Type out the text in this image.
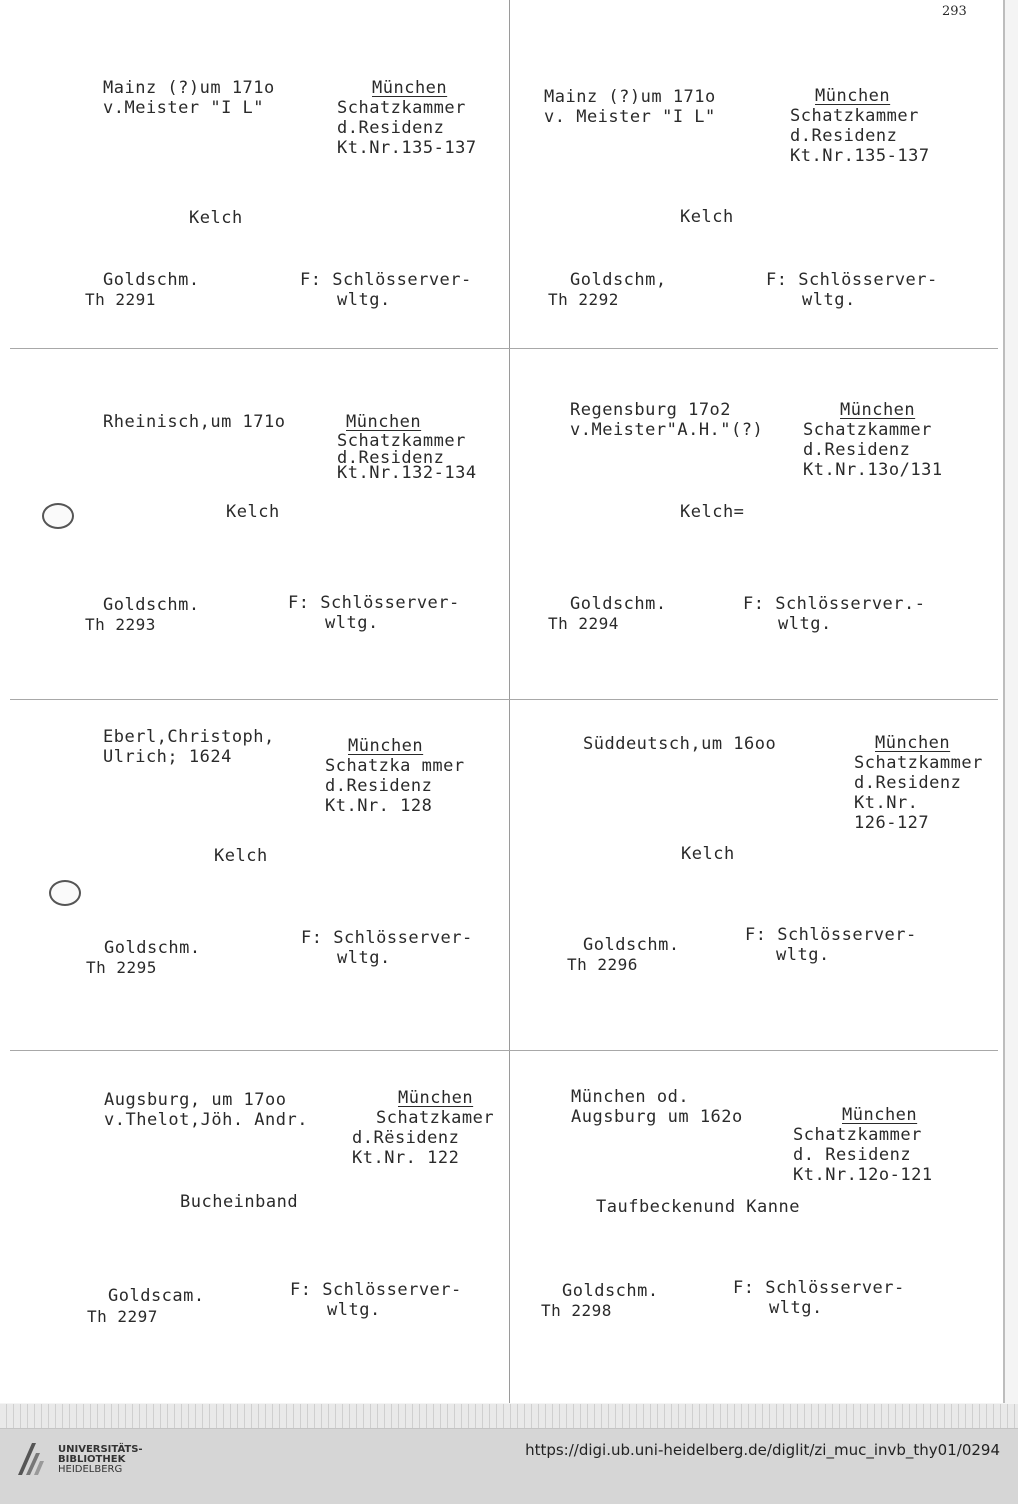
293
Mainz (?)um 171o
v.Meister "I L"
München
Schatzkammer
d.Residenz
Kt.Nr.135-137
Kelch
Goldschm.	F: Schlösserver-
wltg.
Th 2291
Mainz (?)um 171o
v. Meister "I L"
München
Schatzkammer
d.Residenz
Kt.Nr.135-137
Kelch
Goldschm,	F: Schlösserver-
wltg.
Th 2292
Rheinisch,um 171o	München
Schatzkammer
d.Residenz
Kt.Nr.132-134
Kelch
Goldschm.	F: Schlösserver-
wltg.
Th 2293
Regensburg 17o2
v.Meister"A.H."(?)
München
Schatzkammer
d.Residenz
Kt.Nr.13o/131
Kelch=
Goldschm.	F: Schlösserver.-
wltg.
Th 2294
Eberl,Christoph,
Ulrich; 1624
München
Schatzka mmer
d.Residenz
Kt.Nr. 128
Kelch
Goldschm.	F: Schlösserver-
wltg.
Th 2295
Süddeutsch,um 16oo	München
Schatzkammer
d.Residenz
Kt.Nr.
126-127
Kelch
Goldschm.	F: Schlösserver-
wltg.
Th 2296
Augsburg, um 17oo
v.Thelot,Jöh. Andr.
München
Schatzkamer
d.Rësidenz
Kt.Nr. 122
Bucheinband
Goldscam.	F: Schlösserver-
wltg.
Th 2297
München od.
Augsburg um 162o	München
Schatzkammer
d. Residenz
Kt.Nr.12o-121
Taufbeckenund Kanne
Goldschm.	F: Schlösserver-
wltg.
Th 2298
UNIVERSITÄTS-
BIBLIOTHEK
HEIDELBERG
https://digi.ub.uni-heidelberg.de/diglit/zi_muc_invb_thy01/0294
